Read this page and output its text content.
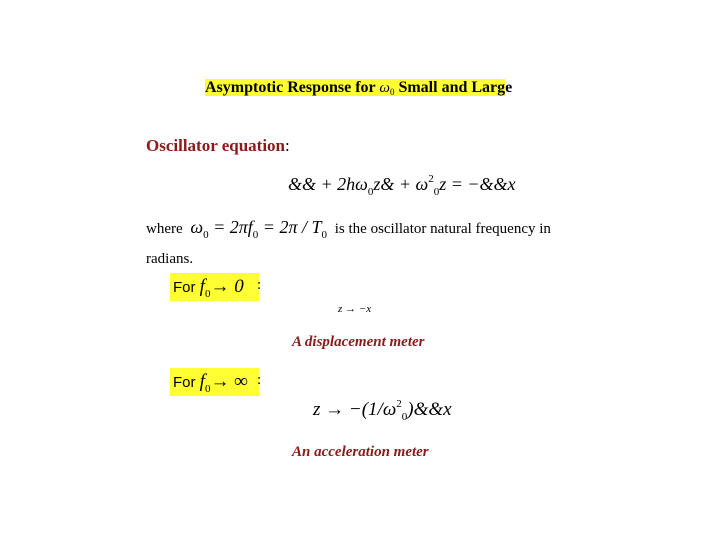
Asymptotic Response for $\omega_0$ Small and Large
Oscillator equation:
&& + $2h\omega_0z\& + \omega^2_0z$ = −&&x
where $\omega_0 = 2\pi f_0 = 2\pi / T_0$ is the oscillator natural frequency in radians.
For $f_0\to 0$ :
z → −x
A displacement meter
For $f_0\to$ ∞ :
$z \to -(1/\omega^2_0)\&\&x$
An acceleration meter
